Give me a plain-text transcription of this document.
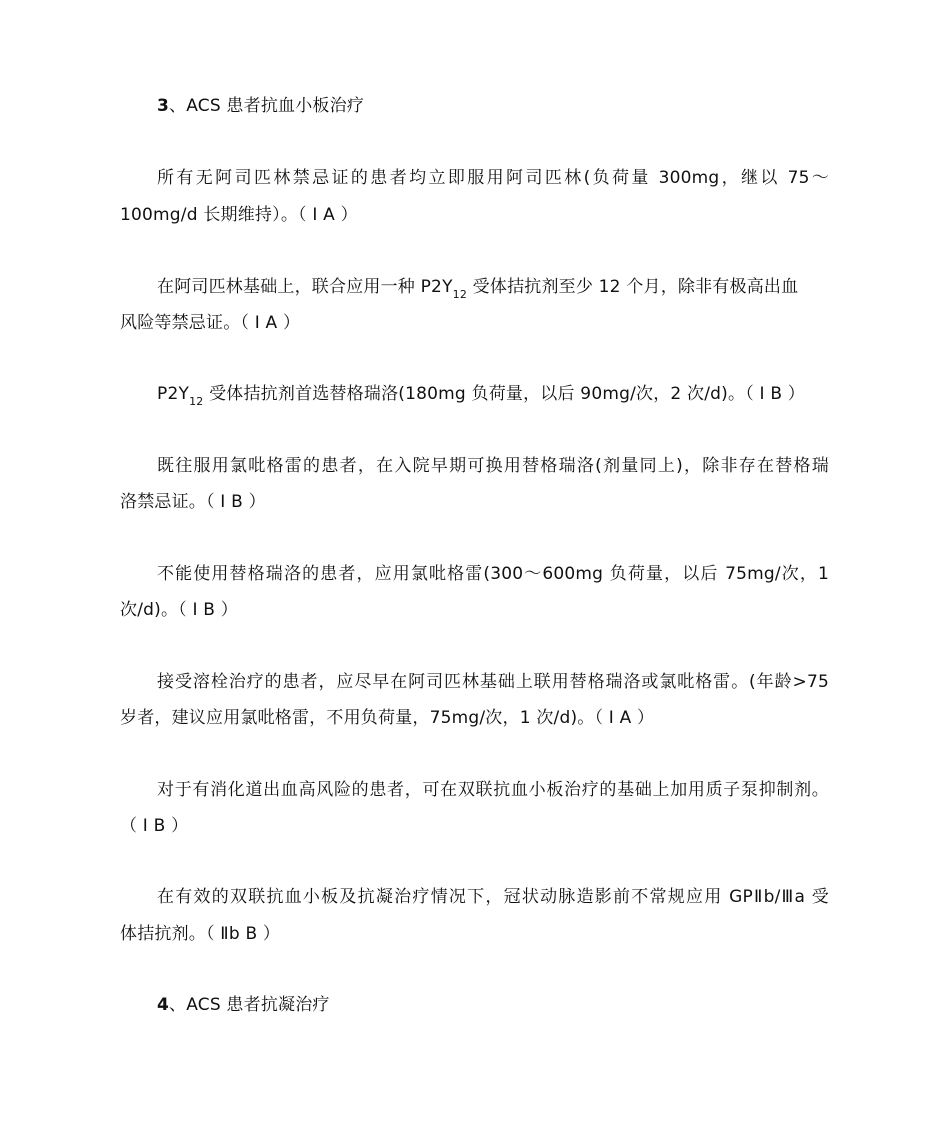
3、ACS 患者抗血小板治疗
所有无阿司匹林禁忌证的患者均立即服用阿司匹林(负荷量 300mg，继以 75～
100mg/d 长期维持）。（ Ⅰ A ）
在阿司匹林基础上，联合应用一种 $P2Y_{12}$ 受体拮抗剂至少 12 个月，除非有极高出血
风险等禁忌证。（ Ⅰ A ）
$P2Y_{12}$ 受体拮抗剂首选替格瑞洛(180mg 负荷量，以后 90mg/次，2 次/d)。（ Ⅰ B ）
既往服用氯吡格雷的患者，在入院早期可换用替格瑞洛(剂量同上)，除非存在替格瑞
洛禁忌证。（ Ⅰ B ）
不能使用替格瑞洛的患者，应用氯吡格雷(300～600mg 负荷量，以后 75mg/次，1
次/d)。（ Ⅰ B ）
接受溶栓治疗的患者，应尽早在阿司匹林基础上联用替格瑞洛或氯吡格雷。(年龄>75
岁者，建议应用氯吡格雷，不用负荷量，75mg/次，1 次/d)。（ Ⅰ A ）
对于有消化道出血高风险的患者，可在双联抗血小板治疗的基础上加用质子泵抑制剂。
（ Ⅰ B ）
在有效的双联抗血小板及抗凝治疗情况下，冠状动脉造影前不常规应用 GPⅡb/Ⅲa 受
体拮抗剂。（ Ⅱb B ）
4、ACS 患者抗凝治疗
